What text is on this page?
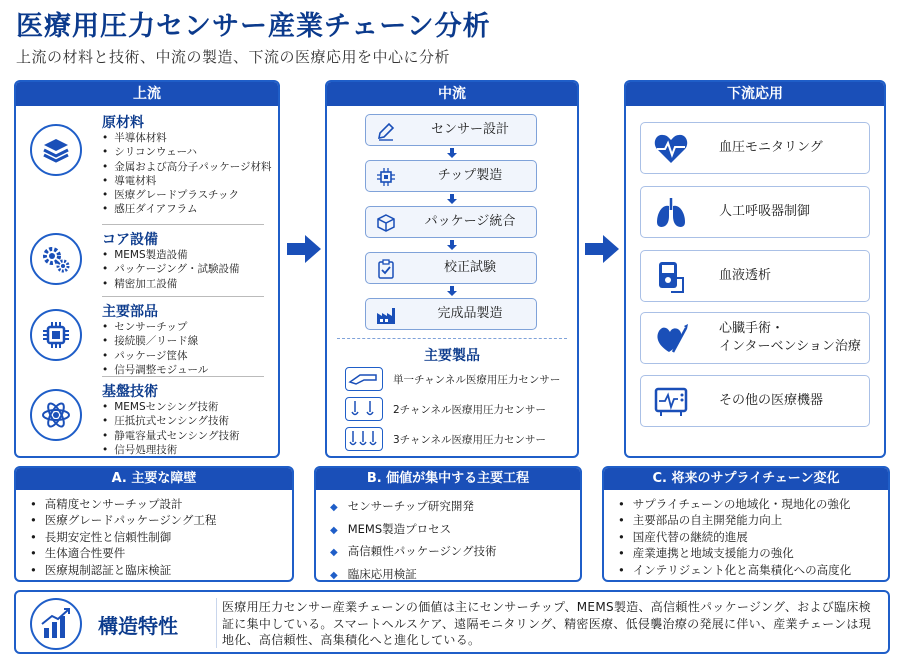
医療用圧力センサー産業チェーン分析
上流の材料と技術、中流の製造、下流の医療応用を中心に分析
上流
原材料
• 半導体材料
• シリコンウェーハ
• 金属および高分子パッケージ材料
• 導電材料
• 医療グレードプラスチック
• 感圧ダイアフラム
コア設備
• MEMS製造設備
• パッケージング・試験設備
• 精密加工設備
主要部品
• センサーチップ
• 接続膜／リード線
• パッケージ筐体
• 信号調整モジュール
基盤技術
• MEMSセンシング技術
• 圧抵抗式センシング技術
• 静電容量式センシング技術
• 信号処理技術
中流
センサー設計
チップ製造
パッケージ統合
校正試験
完成品製造
主要製品
単一チャンネル医療用圧力センサー
2チャンネル医療用圧力センサー
3チャンネル医療用圧力センサー
下流応用
血圧モニタリング
人工呼吸器制御
血液透析
心臓手術・
インターベンション治療
その他の医療機器
A. 主要な障壁
• 高精度センサーチップ設計
• 医療グレードパッケージング工程
• 長期安定性と信頼性制御
• 生体適合性要件
• 医療規制認証と臨床検証
B. 価値が集中する主要工程
◆ センサーチップ研究開発
◆ MEMS製造プロセス
◆ 高信頼性パッケージング技術
◆ 臨床応用検証
C. 将来のサプライチェーン変化
• サプライチェーンの地域化・現地化の強化
• 主要部品の自主開発能力向上
• 国産代替の継続的進展
• 産業連携と地域支援能力の強化
• インテリジェント化と高集積化への高度化
構造特性
医療用圧力センサー産業チェーンの価値は主にセンサーチップ、MEMS製造、高信頼性パッケージング、および臨床検証に集中している。スマートヘルスケア、遠隔モニタリング、精密医療、低侵襲治療の発展に伴い、産業チェーンは現地化、高信頼性、高集積化へと進化している。
